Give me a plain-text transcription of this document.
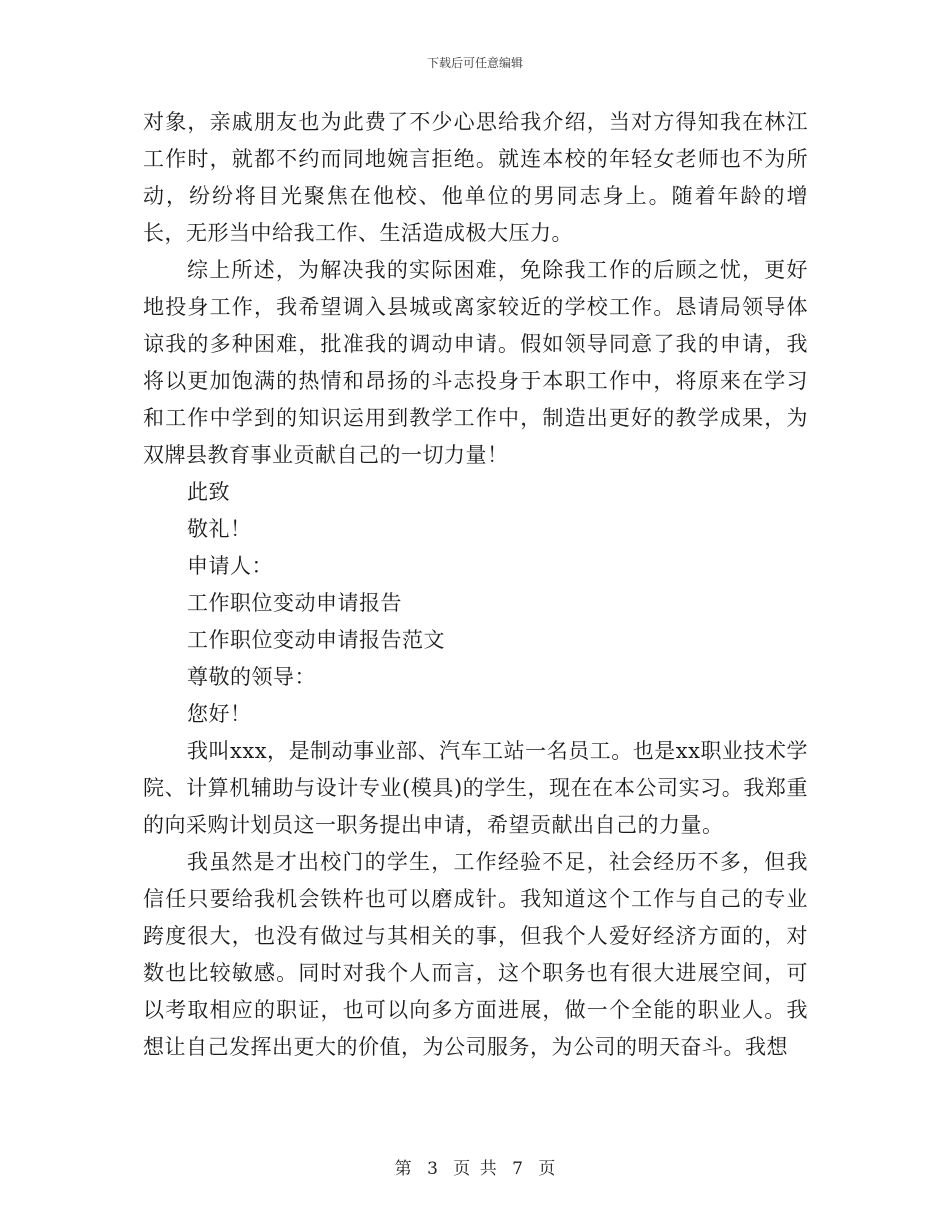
下载后可任意编辑

对象，亲戚朋友也为此费了不少心思给我介绍，当对方得知我在林江工作时，就都不约而同地婉言拒绝。就连本校的年轻女老师也不为所动，纷纷将目光聚焦在他校、他单位的男同志身上。随着年龄的增长，无形当中给我工作、生活造成极大压力。

综上所述，为解决我的实际困难，免除我工作的后顾之忧，更好地投身工作，我希望调入县城或离家较近的学校工作。恳请局领导体谅我的多种困难，批准我的调动申请。假如领导同意了我的申请，我将以更加饱满的热情和昂扬的斗志投身于本职工作中，将原来在学习和工作中学到的知识运用到教学工作中，制造出更好的教学成果，为双牌县教育事业贡献自己的一切力量！

此致

敬礼！

申请人：

工作职位变动申请报告

工作职位变动申请报告范文

尊敬的领导：

您好！

我叫xxx，是制动事业部、汽车工站一名员工。也是xx职业技术学院、计算机辅助与设计专业(模具)的学生，现在在本公司实习。我郑重的向采购计划员这一职务提出申请，希望贡献出自己的力量。

我虽然是才出校门的学生，工作经验不足，社会经历不多，但我信任只要给我机会铁杵也可以磨成针。我知道这个工作与自己的专业跨度很大，也没有做过与其相关的事，但我个人爱好经济方面的，对数也比较敏感。同时对我个人而言，这个职务也有很大进展空间，可以考取相应的职证，也可以向多方面进展，做一个全能的职业人。我想让自己发挥出更大的价值，为公司服务，为公司的明天奋斗。我想

第 3 页 共 7 页
